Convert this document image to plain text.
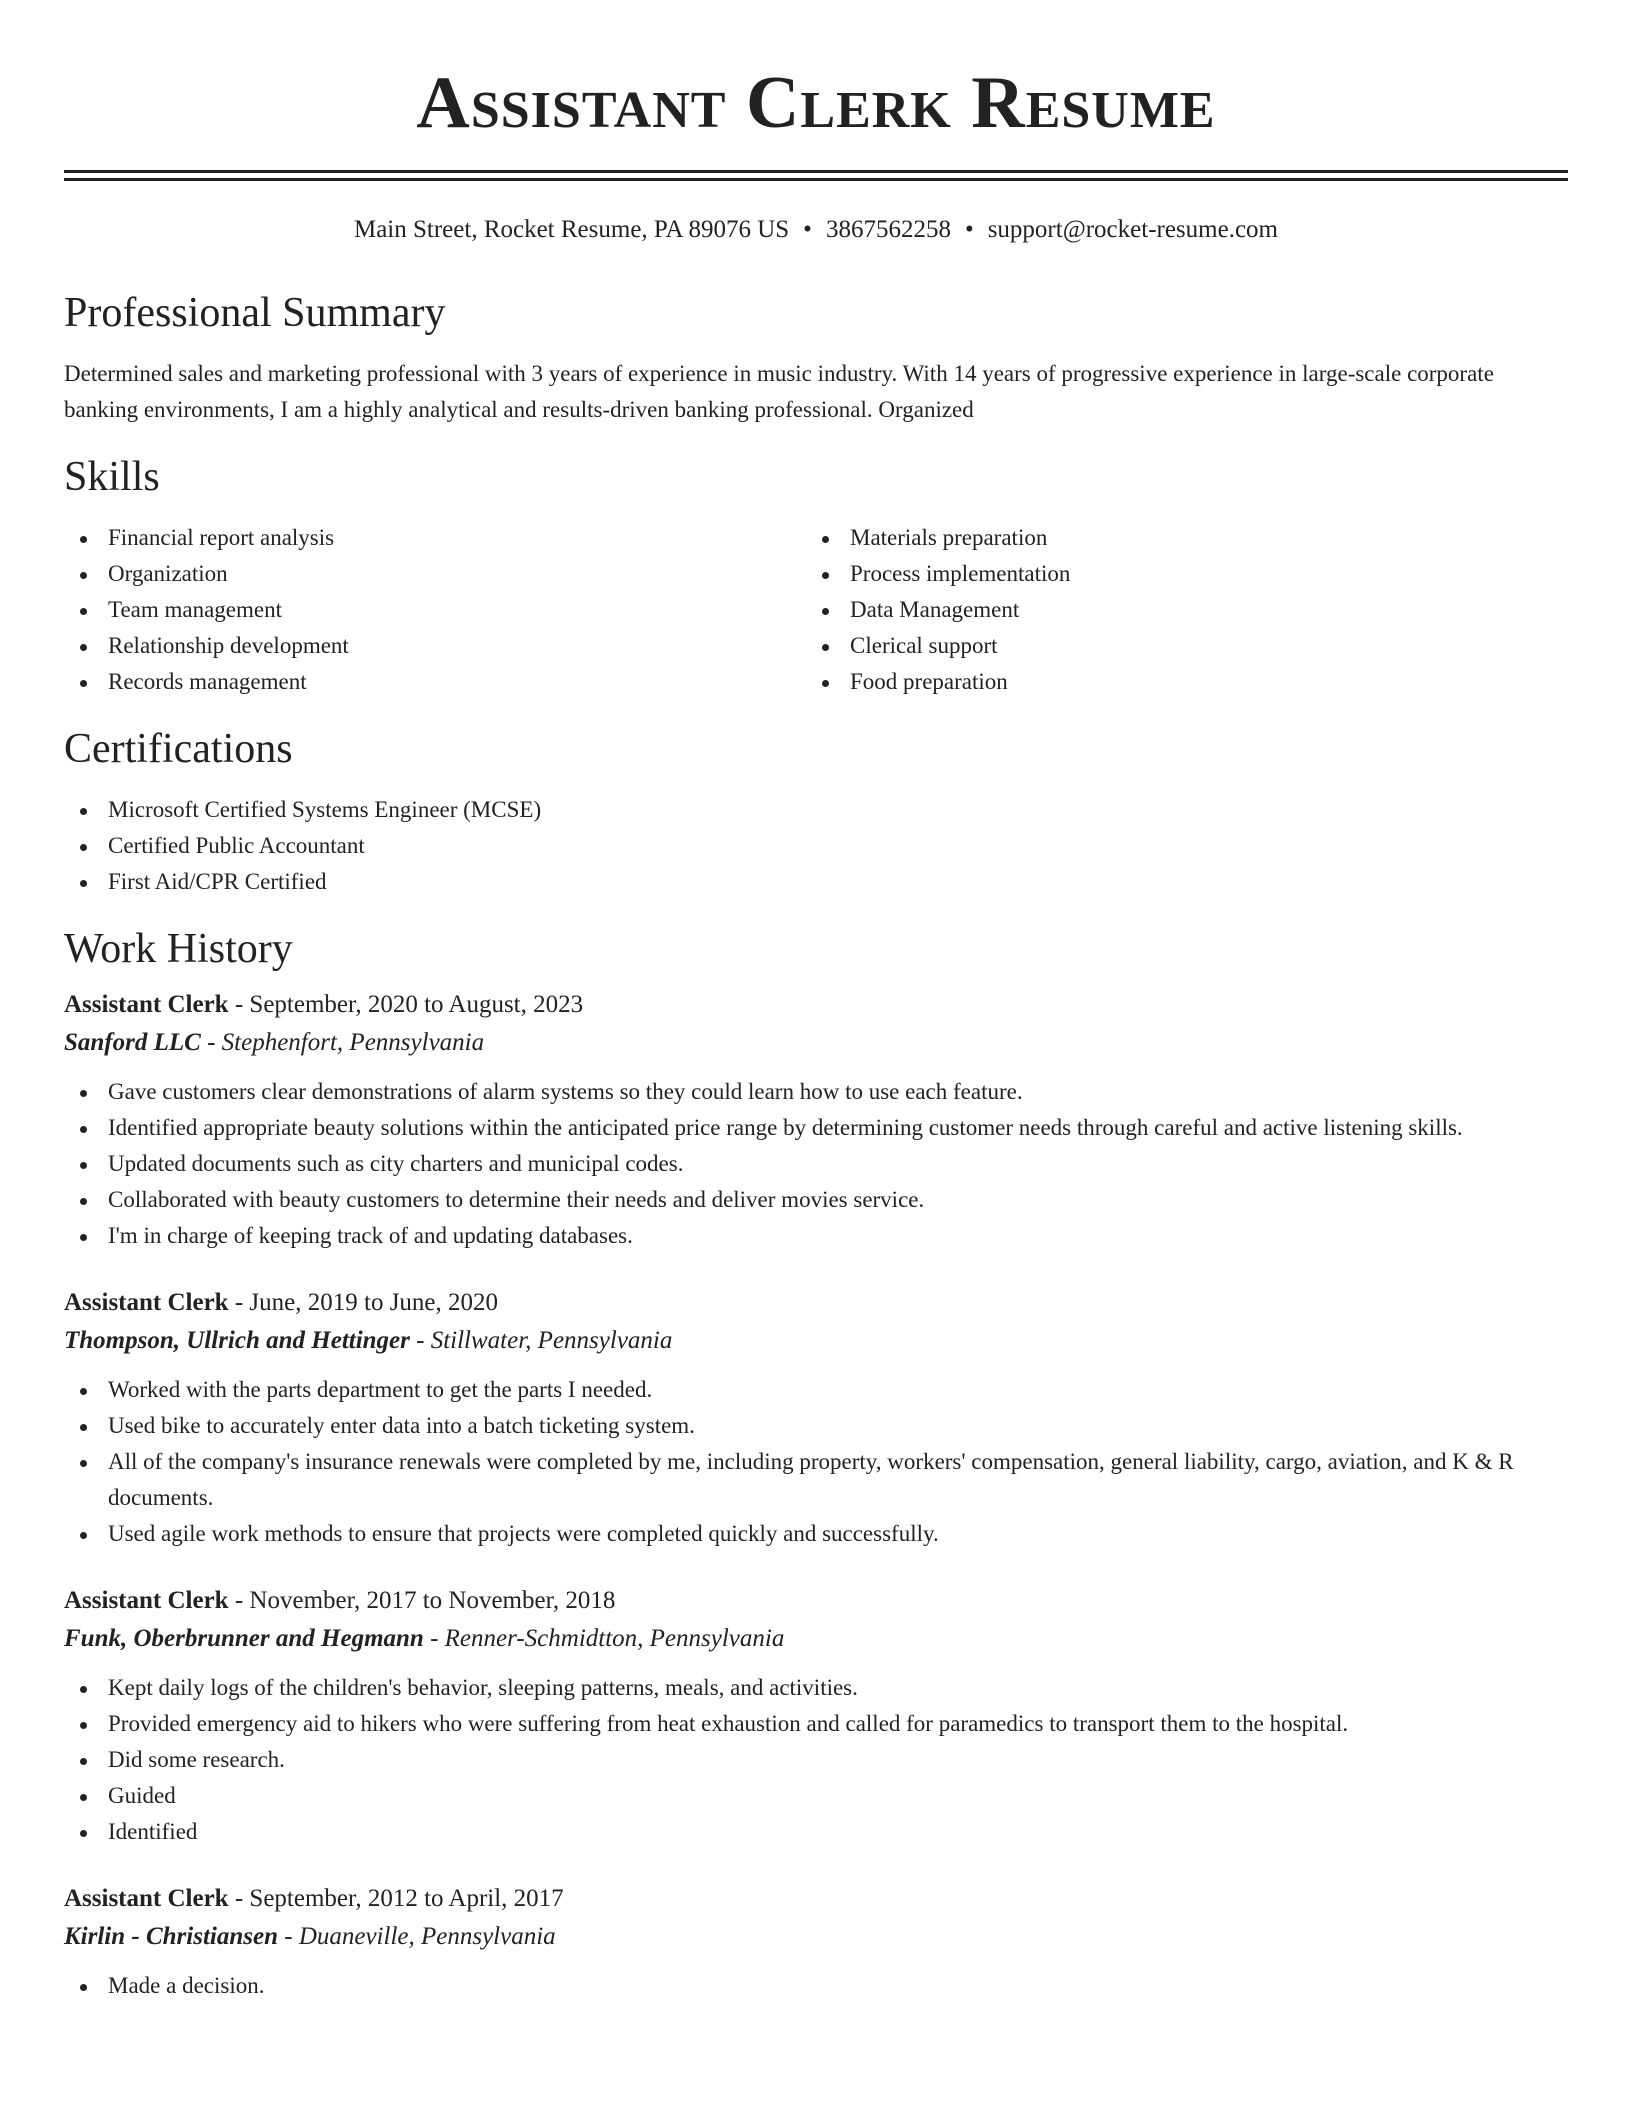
Assistant Clerk Resume
Main Street, Rocket Resume, PA 89076 US • 3867562258 • support@rocket-resume.com
Professional Summary

Determined sales and marketing professional with 3 years of experience in music industry. With 14 years of progressive experience in large-scale corporate banking environments, I am a highly analytical and results-driven banking professional. Organized

Skills
Financial report analysis
Organization
Team management
Relationship development
Records management
Materials preparation
Process implementation
Data Management
Clerical support
Food preparation
Certifications
Microsoft Certified Systems Engineer (MCSE)
Certified Public Accountant
First Aid/CPR Certified
Work History
Assistant Clerk - September, 2020 to August, 2023
Sanford LLC - Stephenfort, Pennsylvania
Gave customers clear demonstrations of alarm systems so they could learn how to use each feature.
Identified appropriate beauty solutions within the anticipated price range by determining customer needs through careful and active listening skills.
Updated documents such as city charters and municipal codes.
Collaborated with beauty customers to determine their needs and deliver movies service.
I'm in charge of keeping track of and updating databases.
Assistant Clerk - June, 2019 to June, 2020
Thompson, Ullrich and Hettinger - Stillwater, Pennsylvania
Worked with the parts department to get the parts I needed.
Used bike to accurately enter data into a batch ticketing system.
All of the company's insurance renewals were completed by me, including property, workers' compensation, general liability, cargo, aviation, and K & R documents.
Used agile work methods to ensure that projects were completed quickly and successfully.
Assistant Clerk - November, 2017 to November, 2018
Funk, Oberbrunner and Hegmann - Renner-Schmidtton, Pennsylvania
Kept daily logs of the children's behavior, sleeping patterns, meals, and activities.
Provided emergency aid to hikers who were suffering from heat exhaustion and called for paramedics to transport them to the hospital.
Did some research.
Guided
Identified
Assistant Clerk - September, 2012 to April, 2017
Kirlin - Christiansen - Duaneville, Pennsylvania
Made a decision.
